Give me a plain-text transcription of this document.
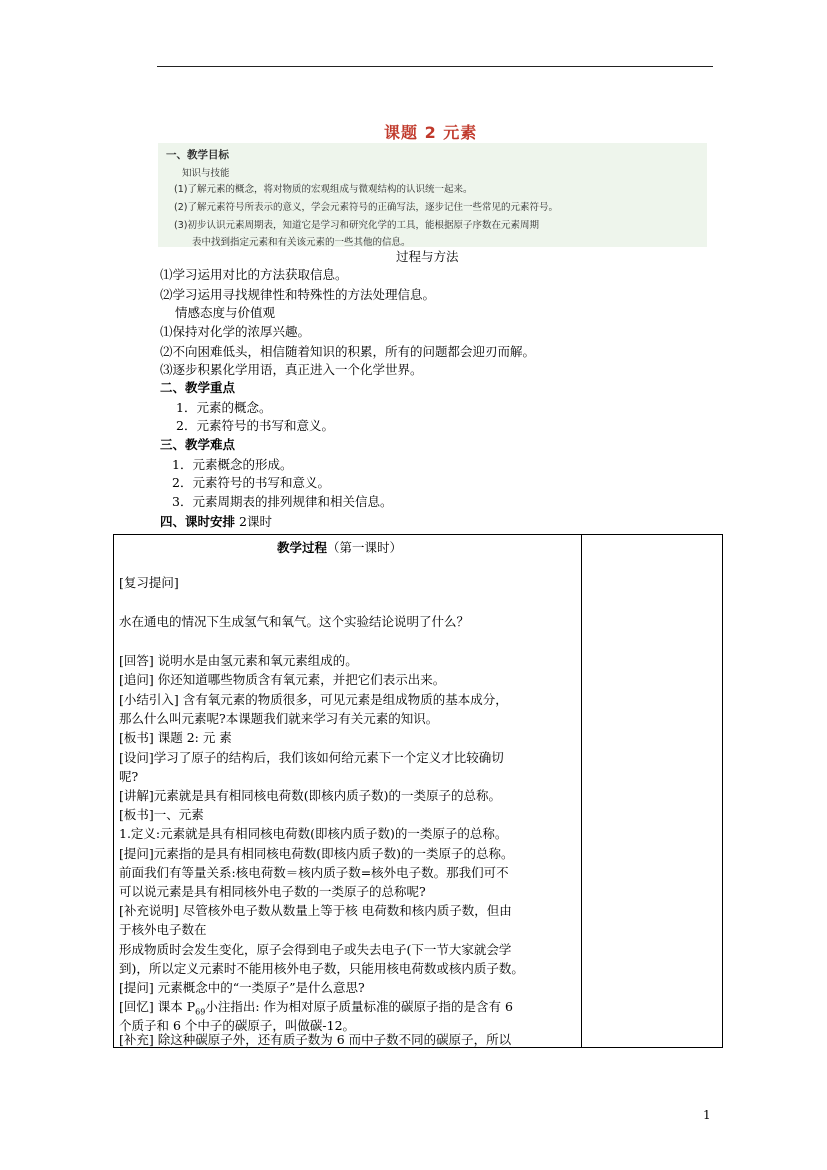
课题 2 元素
一、教学目标
知识与技能
(1)了解元素的概念，将对物质的宏观组成与微观结构的认识统一起来。
(2)了解元素符号所表示的意义，学会元素符号的正确写法，逐步记住一些常见的元素符号。
(3)初步认识元素周期表，知道它是学习和研究化学的工具，能根据原子序数在元素周期
表中找到指定元素和有关该元素的一些其他的信息。
过程与方法
⑴学习运用对比的方法获取信息。
⑵学习运用寻找规律性和特殊性的方法处理信息。
情感态度与价值观
⑴保持对化学的浓厚兴趣。
⑵不向困难低头，相信随着知识的积累，所有的问题都会迎刃而解。
⑶逐步积累化学用语，真正进入一个化学世界。
二、教学重点
1．元素的概念。
2．元素符号的书写和意义。
三、教学难点
1．元素概念的形成。
2．元素符号的书写和意义。
3．元素周期表的排列规律和相关信息。
四、课时安排 2课时
教学过程（第一课时）
[复习提问]
水在通电的情况下生成氢气和氧气。这个实验结论说明了什么？
[回答] 说明水是由氢元素和氧元素组成的。
[追问] 你还知道哪些物质含有氧元素，并把它们表示出来。
[小结引入] 含有氧元素的物质很多，可见元素是组成物质的基本成分，
那么什么叫元素呢?本课题我们就来学习有关元素的知识。
[板书] 课题 2: 元 素
[设问]学习了原子的结构后，我们该如何给元素下一个定义才比较确切
呢?
[讲解]元素就是具有相同核电荷数(即核内质子数)的一类原子的总称。
[板书]一、元素
1.定义:元素就是具有相同核电荷数(即核内质子数)的一类原子的总称。
[提问]元素指的是具有相同核电荷数(即核内质子数)的一类原子的总称。
前面我们有等量关系:核电荷数＝核内质子数=核外电子数。那我们可不
可以说元素是具有相同核外电子数的一类原子的总称呢?
[补充说明] 尽管核外电子数从数量上等于核 电荷数和核内质子数，但由
于核外电子数在
形成物质时会发生变化，原子会得到电子或失去电子(下一节大家就会学
到)，所以定义元素时不能用核外电子数，只能用核电荷数或核内质子数。
[提问] 元素概念中的“一类原子”是什么意思?
[回忆] 课本 $P_{69}$小注指出: 作为相对原子质量标准的碳原子指的是含有 6
个质子和 6 个中子的碳原子，叫做碳-12。
[补充] 除这种碳原子外，还有质子数为 6 而中子数不同的碳原子，所以
1
